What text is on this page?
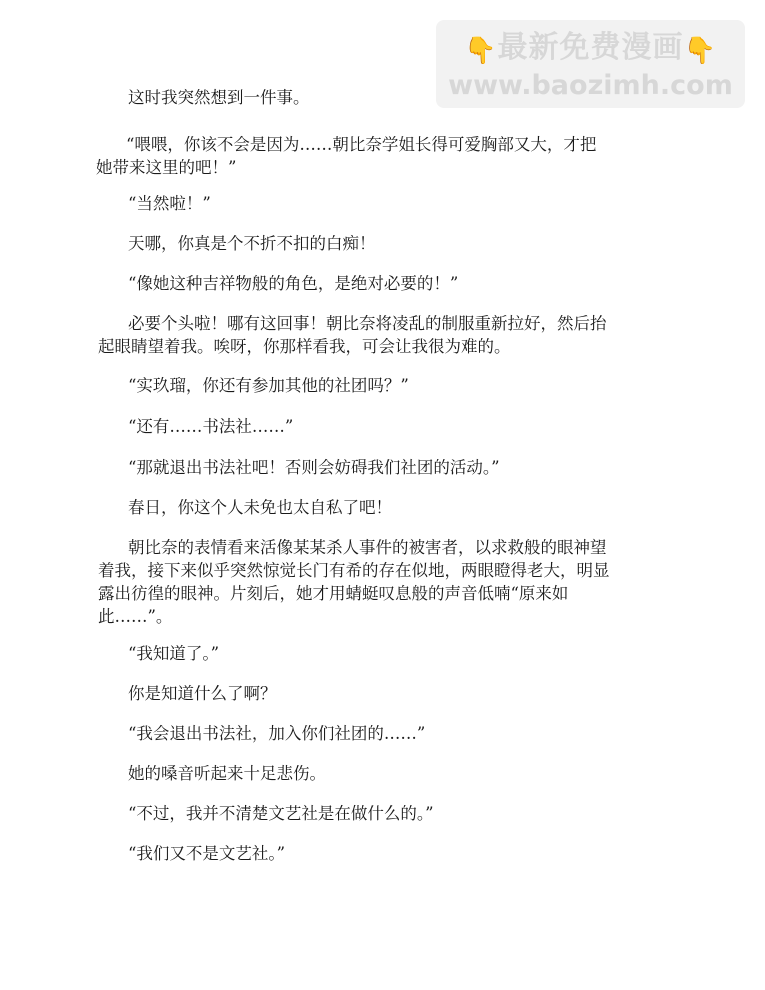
👇最新免费漫画👇
www.baozimh.com

这时我突然想到一件事。

“喂喂，你该不会是因为……朝比奈学姐长得可爱胸部又大，才把
她带来这里的吧！”

“当然啦！”

天哪，你真是个不折不扣的白痴！

“像她这种吉祥物般的角色，是绝对必要的！”

必要个头啦！哪有这回事！朝比奈将凌乱的制服重新拉好，然后抬
起眼睛望着我。唉呀，你那样看我，可会让我很为难的。

“实玖瑠，你还有参加其他的社团吗？”

“还有……书法社……”

“那就退出书法社吧！否则会妨碍我们社团的活动。”

春日，你这个人未免也太自私了吧！

朝比奈的表情看来活像某某杀人事件的被害者，以求救般的眼神望
着我，接下来似乎突然惊觉长门有希的存在似地，两眼瞪得老大，明显
露出彷徨的眼神。片刻后，她才用蜻蜓叹息般的声音低喃“原来如
此……”。

“我知道了。”

你是知道什么了啊？

“我会退出书法社，加入你们社团的……”

她的嗓音听起来十足悲伤。

“不过，我并不清楚文艺社是在做什么的。”

“我们又不是文艺社。”
